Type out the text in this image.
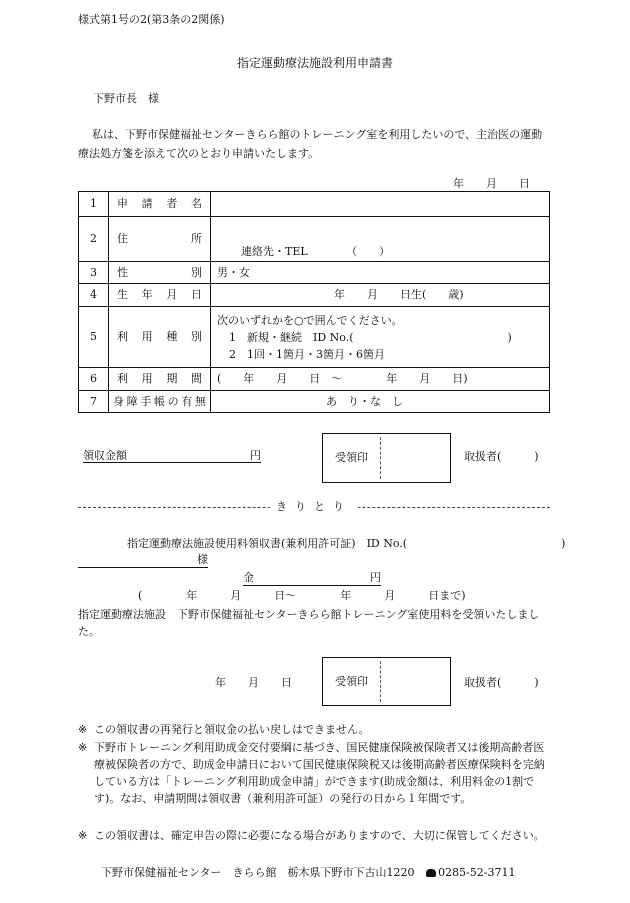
様式第1号の2(第3条の2関係)
指定運動療法施設利用申請書
下野市長　様
私は、下野市保健福祉センターきらら館のトレーニング室を利用したいので、主治医の運動療法処方箋を添えて次のとおり申請いたします。
年　　月　　日
1	申請者名	
2	住所	連絡先・TEL　　　　（　　）
3	性別	男・女
4	生年月日	年　　月　　日生(　　歳)
5	利用種別	次のいずれかを○で囲んでください。
1　新規・継続　ID No.(　　　　　　　　　　　　　　)
2　1回・1箇月・3箇月・6箇月

6	利用期間	(　　年　　月　　日　～　　　　年　　月　　日)
7	身障手帳の有無	あ　り・な　し
領収金額	円	受領印	取扱者(　　　)
きりとり
指定運動療法施設使用料領収書(兼利用許可証)　ID No.(　　　　　　　　　　　　　　)
様
金	円
(　　　　年　　　月　　　日～　　　　年　　　月　　　日まで)
指定運動療法施設　下野市保健福祉センターきらら館トレーニング室使用料を受領いたしました。
年　　月　　日	受領印	取扱者(　　　)
※ この領収書の再発行と領収金の払い戻しはできません。
※ 下野市トレーニング利用助成金交付要綱に基づき、国民健康保険被保険者又は後期高齢者医療被保険者の方で、助成金申請日において国民健康保険税又は後期高齢者医療保険料を完納している方は「トレーニング利用助成金申請」ができます(助成金額は、利用料金の1割です)。なお、申請期間は領収書（兼利用許可証）の発行の日から１年間です。
※ この領収書は、確定申告の際に必要になる場合がありますので、大切に保管してください。
下野市保健福祉センター　きらら館　栃木県下野市下古山1220 0285-52-3711
